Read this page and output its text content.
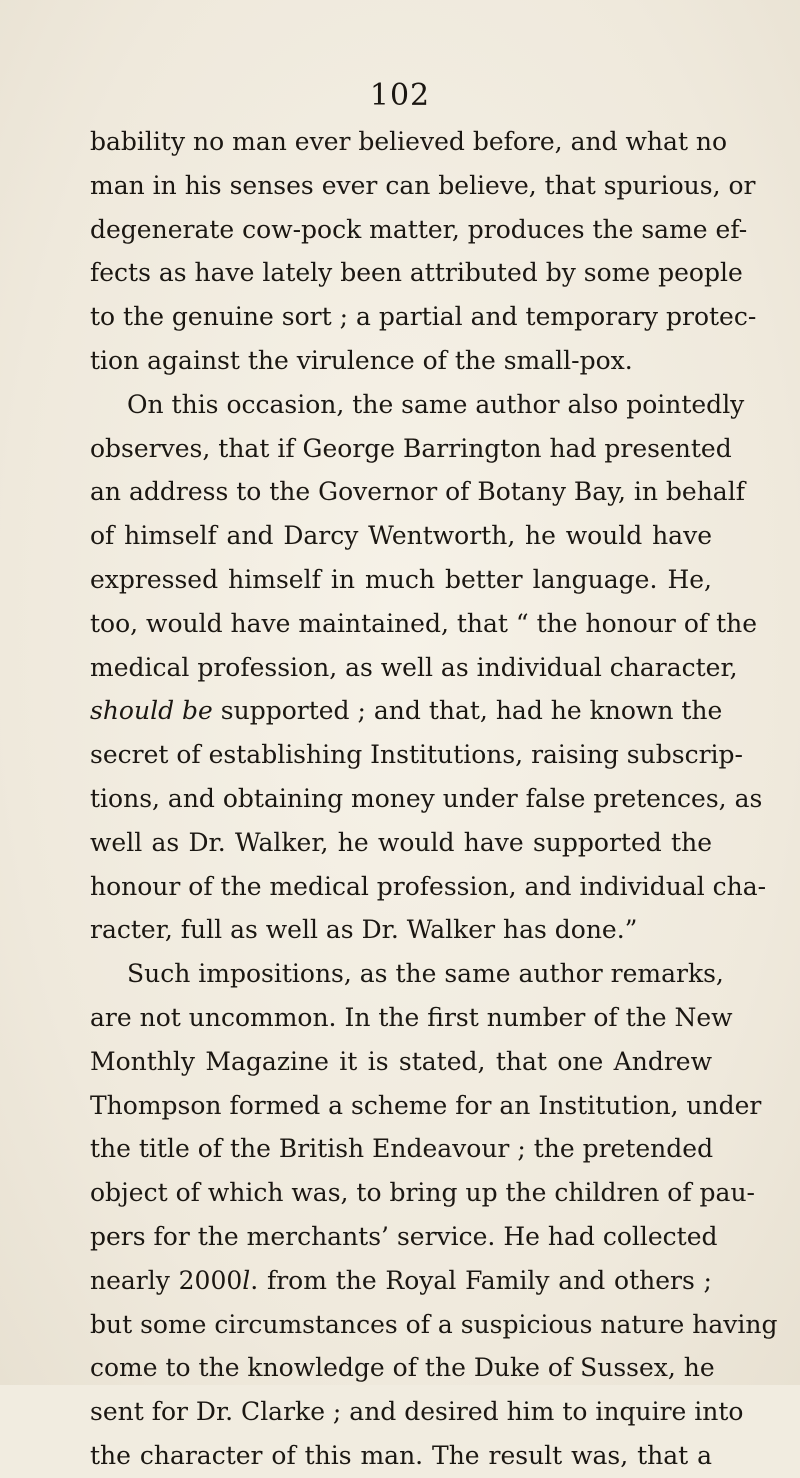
102
bability no man ever believed before, and what no
man in his senses ever can believe, that spurious, or
degenerate cow-pock matter, produces the same ef-
fects as have lately been attributed by some people
to the genuine sort ; a partial and temporary protec-
tion against the virulence of the small-pox.
On this occasion, the same author also pointedly
observes, that if George Barrington had presented
an address to the Governor of Botany Bay, in behalf
of himself and Darcy Wentworth, he would have
expressed himself in much better language. He,
too, would have maintained, that “ the honour of the
medical profession, as well as individual character,
should be supported ; and that, had he known the
secret of establishing Institutions, raising subscrip-
tions, and obtaining money under false pretences, as
well as Dr. Walker, he would have supported the
honour of the medical profession, and individual cha-
racter, full as well as Dr. Walker has done.”
Such impositions, as the same author remarks,
are not uncommon. In the first number of the New
Monthly Magazine it is stated, that one Andrew
Thompson formed a scheme for an Institution, under
the title of the British Endeavour ; the pretended
object of which was, to bring up the children of pau-
pers for the merchants’ service. He had collected
nearly 2000l. from the Royal Family and others ;
but some circumstances of a suspicious nature having
come to the knowledge of the Duke of Sussex, he
sent for Dr. Clarke ; and desired him to inquire into
the character of this man. The result was, that a
